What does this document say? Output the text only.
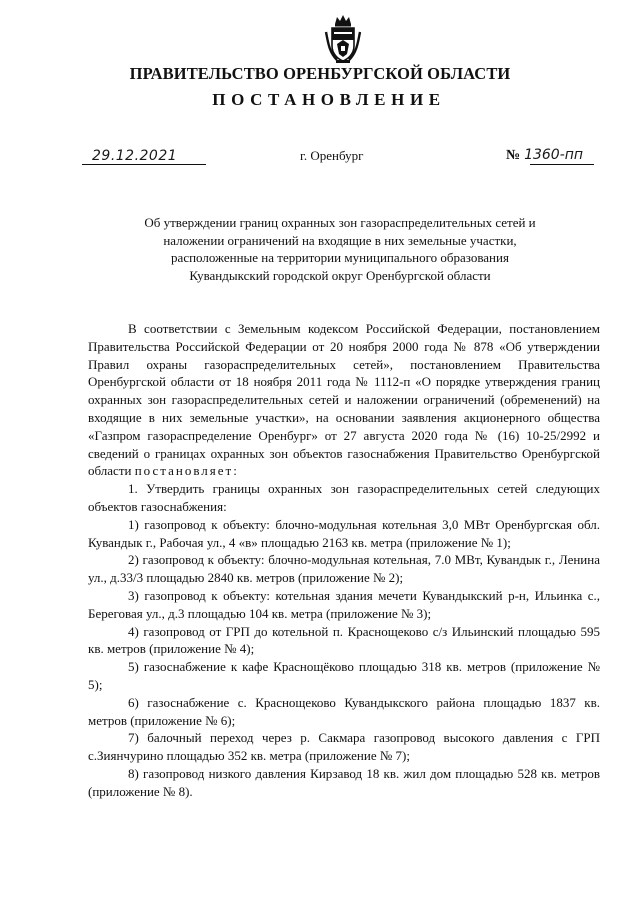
ПРАВИТЕЛЬСТВО ОРЕНБУРГСКОЙ ОБЛАСТИ
ПОСТАНОВЛЕНИЕ
29.12.2021	г. Оренбург	№ 1360-пп
Об утверждении границ охранных зон газораспределительных сетей и
наложении ограничений на входящие в них земельные участки,
расположенные на территории муниципального образования
Кувандыкский городской округ Оренбургской области

В соответствии с Земельным кодексом Российской Федерации, постановлением Правительства Российской Федерации от 20 ноября 2000 года № 878 «Об утверждении Правил охраны газораспределительных сетей», постановлением Правительства Оренбургской области от 18 ноября 2011 года № 1112-п «О порядке утверждения границ охранных зон газораспределительных сетей и наложении ограничений (обременений) на входящие в них земельные участки», на основании заявления акционерного общества «Газпром газораспределение Оренбург» от 27 августа 2020 года № (16) 10-25/2992 и сведений о границах охранных зон объектов газоснабжения Правительство Оренбургской области постановляет:

1. Утвердить границы охранных зон газораспределительных сетей следующих объектов газоснабжения:

1) газопровод к объекту: блочно-модульная котельная 3,0 МВт Оренбургская обл. Кувандык г., Рабочая ул., 4 «в» площадью 2163 кв. метра (приложение № 1);

2) газопровод к объекту: блочно-модульная котельная, 7.0 МВт, Кувандык г., Ленина ул., д.33/3 площадью 2840 кв. метров (приложение № 2);

3) газопровод к объекту: котельная здания мечети Кувандыкский р-н, Ильинка с., Береговая ул., д.3 площадью 104 кв. метра (приложение № 3);

4) газопровод от ГРП до котельной п. Краснощеково с/з Ильинский площадью 595 кв. метров (приложение № 4);

5) газоснабжение к кафе Краснощёково площадью 318 кв. метров (приложение № 5);

6) газоснабжение с. Краснощеково Кувандыкского района площадью 1837 кв. метров (приложение № 6);

7) балочный переход через р. Сакмара газопровод высокого давления с ГРП с.Зиянчурино площадью 352 кв. метра (приложение № 7);

8) газопровод низкого давления Кирзавод 18 кв. жил дом площадью 528 кв. метров (приложение № 8).
